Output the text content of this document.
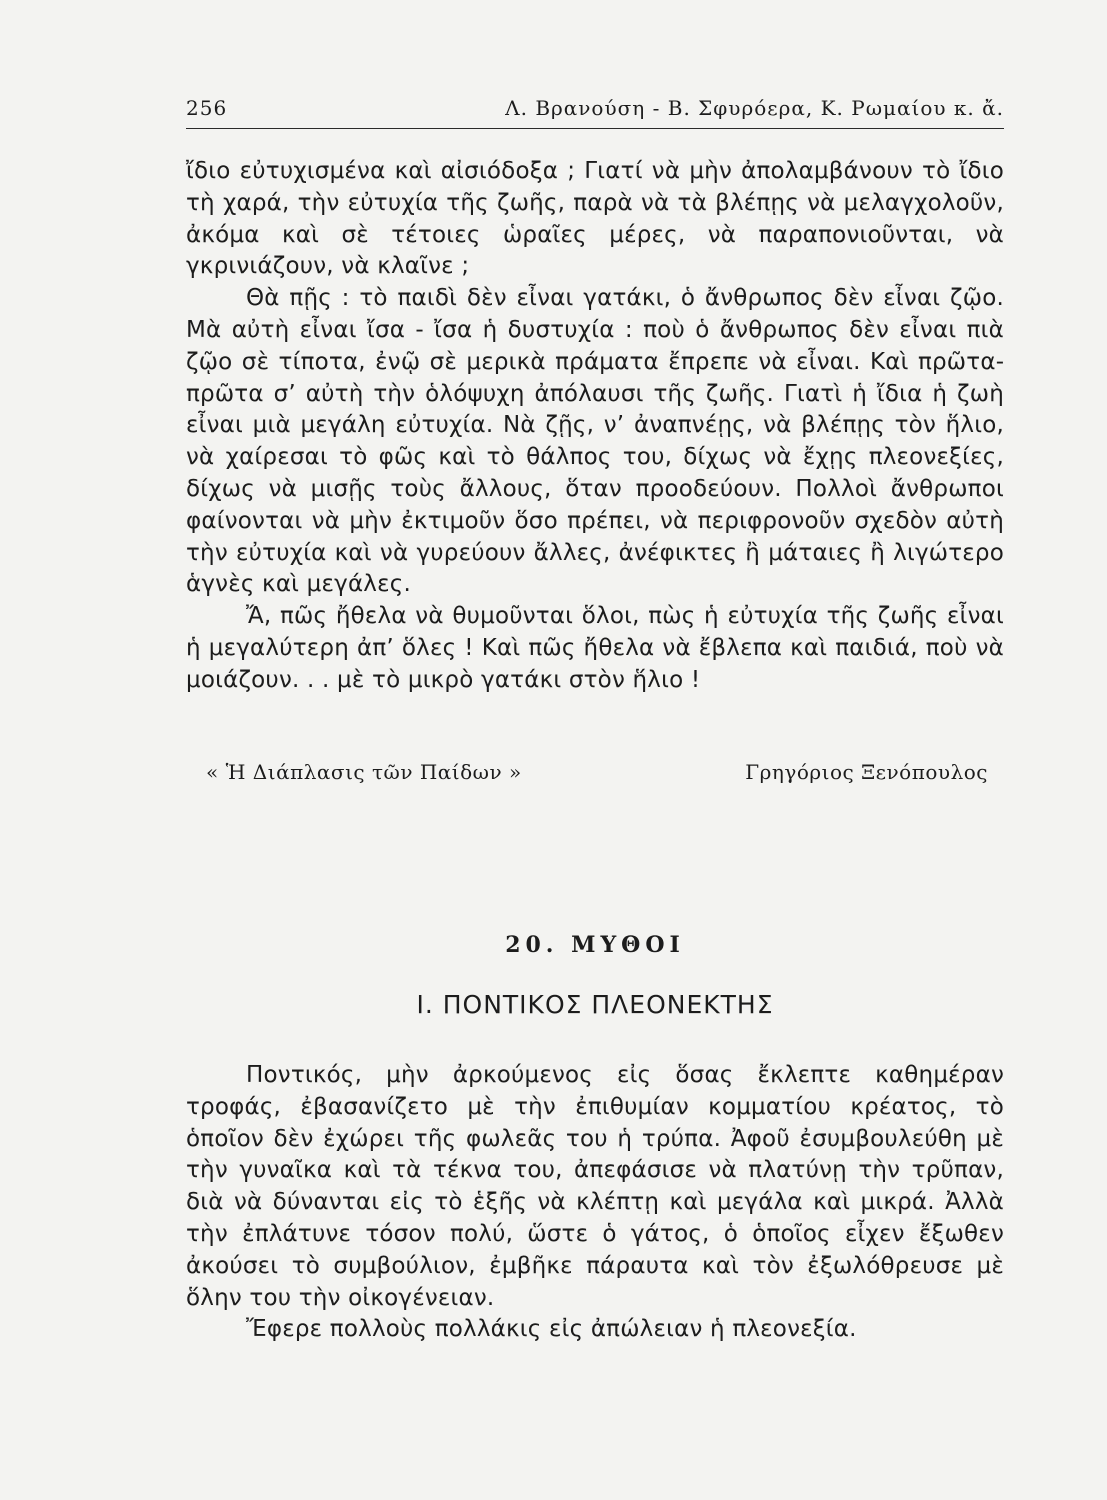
256	Λ. Βρανούση - Β. Σφυρόερα, Κ. Ρωμαίου κ. ἄ.

ἴδιο εὐτυχισμένα καὶ αἰσιόδοξα ; Γιατί νὰ μὴν ἀπολαμβάνουν τὸ ἴδιο τὴ χαρά, τὴν εὐτυχία τῆς ζωῆς, παρὰ νὰ τὰ βλέπῃς νὰ μελαγχολοῦν, ἀκόμα καὶ σὲ τέτοιες ὡραῖες μέρες, νὰ παραπονιοῦνται, νὰ γκρινιάζουν, νὰ κλαῖνε ;

Θὰ πῇς : τὸ παιδὶ δὲν εἶναι γατάκι, ὁ ἄνθρωπος δὲν εἶναι ζῷο. Μὰ αὐτὴ εἶναι ἴσα - ἴσα ἡ δυστυχία : ποὺ ὁ ἄνθρωπος δὲν εἶναι πιὰ ζῷο σὲ τίποτα, ἐνῷ σὲ μερικὰ πράματα ἔπρεπε νὰ εἶναι. Καὶ πρῶταπρῶτα σ’ αὐτὴ τὴν ὁλόψυχη ἀπόλαυσι τῆς ζωῆς. Γιατὶ ἡ ἴδια ἡ ζωὴ εἶναι μιὰ μεγάλη εὐτυχία. Νὰ ζῇς, ν’ ἀναπνέῃς, νὰ βλέπῃς τὸν ἥλιο, νὰ χαίρεσαι τὸ φῶς καὶ τὸ θάλπος του, δίχως νὰ ἔχῃς πλεονεξίες, δίχως νὰ μισῇς τοὺς ἄλλους, ὅταν προοδεύουν. Πολλοὶ ἄνθρωποι φαίνονται νὰ μὴν ἐκτιμοῦν ὅσο πρέπει, νὰ περιφρονοῦν σχεδὸν αὐτὴ τὴν εὐτυχία καὶ νὰ γυρεύουν ἄλλες, ἀνέφικτες ἢ μάταιες ἢ λιγώτερο ἁγνὲς καὶ μεγάλες.

Ἄ, πῶς ἤθελα νὰ θυμοῦνται ὅλοι, πὼς ἡ εὐτυχία τῆς ζωῆς εἶναι ἡ μεγαλύτερη ἀπ’ ὅλες ! Καὶ πῶς ἤθελα νὰ ἔβλεπα καὶ παιδιά, ποὺ νὰ μοιάζουν. . . μὲ τὸ μικρὸ γατάκι στὸν ἥλιο !

« Ἡ Διάπλασις τῶν Παίδων »	Γρηγόριος Ξενόπουλος
20. ΜΥΘΟΙ
Ι. ΠΟΝΤΙΚΟΣ ΠΛΕΟΝΕΚΤΗΣ

Ποντικός, μὴν ἀρκούμενος εἰς ὅσας ἔκλεπτε καθημέραν τροφάς, ἐβασανίζετο μὲ τὴν ἐπιθυμίαν κομματίου κρέατος, τὸ ὁποῖον δὲν ἐχώρει τῆς φωλεᾶς του ἡ τρύπα. Ἀφοῦ ἐσυμβουλεύθη μὲ τὴν γυναῖκα καὶ τὰ τέκνα του, ἀπεφάσισε νὰ πλατύνῃ τὴν τρῦπαν, διὰ νὰ δύνανται εἰς τὸ ἑξῆς νὰ κλέπτῃ καὶ μεγάλα καὶ μικρά. Ἀλλὰ τὴν ἐπλάτυνε τόσον πολύ, ὥστε ὁ γάτος, ὁ ὁποῖος εἶχεν ἔξωθεν ἀκούσει τὸ συμβούλιον, ἐμβῆκε πάραυτα καὶ τὸν ἐξωλόθρευσε μὲ ὅλην του τὴν οἰκογένειαν.

Ἔφερε πολλοὺς πολλάκις εἰς ἀπώλειαν ἡ πλεονεξία.
